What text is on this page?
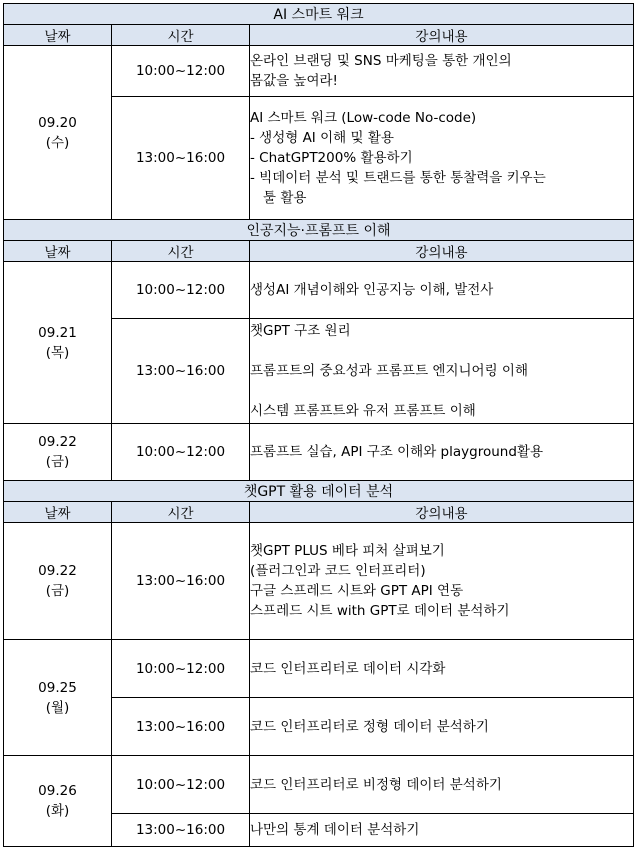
AI 스마트 워크		
날짜	시간	강의내용

09.20
(수)	10:00~12:00	온라인 브랜딩 및 SNS 마케팅을 통한 개인의
몸값을 높여라!

	13:00~16:00	AI 스마트 워크 (Low-code No-code)
- 생성형 AI 이해 및 활용
- ChatGPT200% 활용하기
- 빅데이터 분석 및 트랜드를 통한 통찰력을 키우는
툴 활용

인공지능·프롬프트 이해		
날짜	시간	강의내용

09.21
(목)	10:00~12:00	생성AI 개념이해와 인공지능 이해, 발전사

	13:00~16:00	챗GPT 구조 원리
프롬프트의 중요성과 프롬프트 엔지니어링 이해
시스템 프롬프트와 유저 프롬프트 이해

09.22
(금)	10:00~12:00	프롬프트 실습, API 구조 이해와 playground활용

챗GPT 활용 데이터 분석		
날짜	시간	강의내용

09.22
(금)	13:00~16:00	챗GPT PLUS 베타 피처 살펴보기
(플러그인과 코드 인터프리터)
구글 스프레드 시트와 GPT API 연동
스프레드 시트 with GPT로 데이터 분석하기

09.25
(월)	10:00~12:00	코드 인터프리터로 데이터 시각화

	13:00~16:00	코드 인터프리터로 정형 데이터 분석하기

09.26
(화)	10:00~12:00	코드 인터프리터로 비정형 데이터 분석하기

	13:00~16:00	나만의 통계 데이터 분석하기
